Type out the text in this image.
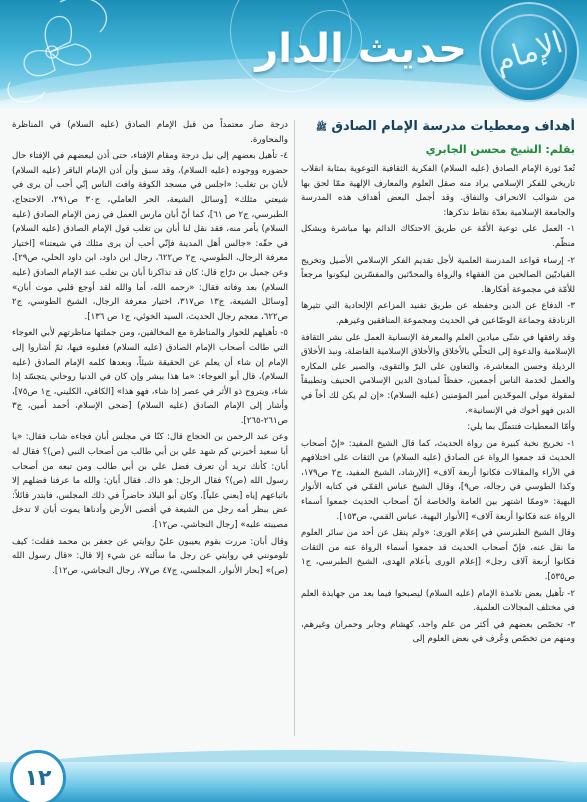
حديث الدار الإمام
أهداف ومعطيات مدرسة الإمام الصادق ﷺ
بقلم: الشيخ محسن الجابري

تُعدّ ثورة الإمام الصادق (عليه السلام) الفكرية الثقافية التوعوية بمثابة انقلاب تاريخي للفكر الإسلامي يراد منه صقل العلوم والمعارف الإلهية ممّا لحق بها من شوائب الانحراف والنفاق. وقد أجمل البعض أهداف هذه المدرسة والجامعة الإسلامية بعدّة نقاط نذكرها:

١- العمل على توعية الأمّة عن طريق الاحتكاك الدائم بها مباشرة وبشكل منظّم.

٢- إرساء قواعد المدرسة العلمية لأجل تقديم الفكر الإسلامي الأصيل وتخريج القياديّين الصالحين من الفقهاء والرواة والمحدّثين والمفسّرين ليكونوا مرجعاً للأمّة في مجموعة أفكارها.

٣- الدفاع عن الدين وحفظه عن طريق تفنيد المزاعم الإلحادية التي تثيرها الزنادقة وجماعة الوضّاعين في الحديث ومجموعة المنافقين وغيرهم.

وقد رافقها في شتّى ميادين العلم والمعرفة الإنسانية العمل على نشر الثقافة الإسلامية والدعوة إلى التحلّي بالأخلاق والأخلاق الإسلامية الفاضلة، ونبذ الأخلاق الرذيلة وحسن المعاشرة، والتعاون على البرّ والتقوى، والصبر على المكاره والعمل لخدمة الناس أجمعين، حفظاً لمبادئ الدين الإسلامي الحنيف وتطبيقاً لمقولة مولى الموحّدين أمير المؤمنين (عليه السلام): «إن لم يكن لك أخاً في الدين فهو أخوك في الإنسانية».

وأمّا المعطيات فتتمثّل بما يلي:

١- تخريج نخبة كبيرة من رواة الحديث، كما قال الشيخ المفيد: «إنّ أصحاب الحديث قد جمعوا الرواة عن الصادق (عليه السلام) من الثقات على اختلافهم في الآراء والمقالات فكانوا أربعة آلاف» [الإرشاد، الشيخ المفيد، ج٢ ص١٧٩، وكذا الطوسي في رجاله، ص٩]، وقال الشيخ عباس القمّي في كتابه الأنوار البهية: «وممّا اشتهر بين العامة والخاصة أنّ أصحاب الحديث جمعوا أسماء الرواة عنه فكانوا أربعة آلاف» [الأنوار البهية، عباس القمي، ص١٥٣].

وقال الشيخ الطبرسي في إعلام الورى: «ولم ينقل عن أحد من سائر العلوم ما نقل عنه، فإنّ أصحاب الحديث قد جمعوا أسماء الرواة عنه من الثقات فكانوا أربعة آلاف رجل» [إعلام الورى بأعلام الهدى، الشيخ الطبرسي، ج١ ص٥٣٥].

٢- تأهيل بعض تلامذة الإمام (عليه السلام) ليصبحوا فيما بعد من جهابذة العلم في مختلف المجالات العلمية.

٣- تخصّص بعضهم في أكثر من علم واحد، كهشام وجابر وحمران وغيرهم، ومنهم من تخصّص وعُرف في بعض العلوم إلى

درجة صار معتمداً من قبل الإمام الصادق (عليه السلام) في المناظرة والمحاورة.

٤- تأهيل بعضهم إلى نيل درجة ومقام الإفتاء، حتى أذن لبعضهم في الإفتاء حال حضوره ووجوده (عليه السلام)، وقد سبق وأن أذن الإمام الباقر (عليه السلام) لأبان بن تغلب: «اجلس في مسجد الكوفة وافت الناس إنّي أحب أن يرى في شيعتي مثلك» [وسائل الشيعة، الحر العاملي، ج٣٠ ص٢٩١، الاحتجاج، الطبرسي، ج٢ ص ٦١]، كما أنّ أبان مارس العمل في زمن الإمام الصادق (عليه السلام) بأمر منه، فقد نقل لنا أبان بن تغلب قول الإمام الصادق (عليه السلام) في حقّه: «جالس أهل المدينة فإنّي أحب أن يرى مثلك في شيعتنا» [اختيار معرفة الرجال، الطوسي، ج٢ ص٦٢٢، رجال ابن داود، ابن داود الحلي، ص٢٩]، وعن جميل بن درّاج قال: كان قد تذاكرنا أبان بن تغلب عند الإمام الصادق (عليه السلام) بعد وفاته فقال: «رحمه الله، أما والله لقد أوجع قلبي موت أبان» [وسائل الشيعة، ج١٣ ص٣١٧، اختيار معرفة الرجال، الشيخ الطوسي، ج٢ ص٦٢٢، معجم رجال الحديث، السيد الخوئي، ج١ ص ١٣٦].

٥- تأهيلهم للحوار والمناظرة مع المخالفين، ومن جملتها مناظرتهم لأبي العوجاء التي طالت أصحاب الإمام الصادق (عليه السلام) فغلبوه فيها، ثمّ أشاروا إلى الإمام إن شاء أن يعلم عن الحقيقة شيئاً، وبعدها كلمه الإمام الصادق (عليه السلام)، قال أبو العوجاء: «ما هذا ببشر وإن كان في الدنيا روحاني يتجسّد إذا شاء، ويتروح ذو الأثر في عصر إذا شاء، فهو هذا» [الكافي، الكليني، ج١ ص٧٥]، وأشار إلى الإمام الصادق (عليه السلام) [ضحى الإسلام، أحمد أمين، ج٣ ص٢٦١-٢٦٥].

وعن عبد الرحمن بن الحجاج قال: كنّا في مجلس أبان فجاءه شاب فقال: «يا أبا سعيد أخبرني كم شهد علي بن أبي طالب من أصحاب النبي (ص)؟ فقال له أبان: كأنك تريد أن تعرف فضل علي بن أبي طالب ومن تبعه من أصحاب رسول الله (ص)؟ فقال الرجل: هو ذاك. فقال أبان: والله ما عرفنا فضلهم إلا باتباعهم إياه [يعني علياً]. وكان أبو البلاد حاضراً في ذلك المجلس، فابتدر قائلاً: عض ببظر أمه رجل من الشيعة في أقصى الأرض وأدناها يموت أبان لا تدخل مصيبته عليه» [رجال النجاشي، ص١٢].

وقال أبان: مررت بقوم يعيبون عليّ روايتي عن جعفر بن محمد فقلت: كيف تلومونني في روايتي عن رجل ما سألته عن شيء إلا قال: «قال رسول الله (ص)» [بحار الأنوار، المجلسي، ج٤٧ ص٧٧، رجال النجاشي، ص١٢].

١٢
